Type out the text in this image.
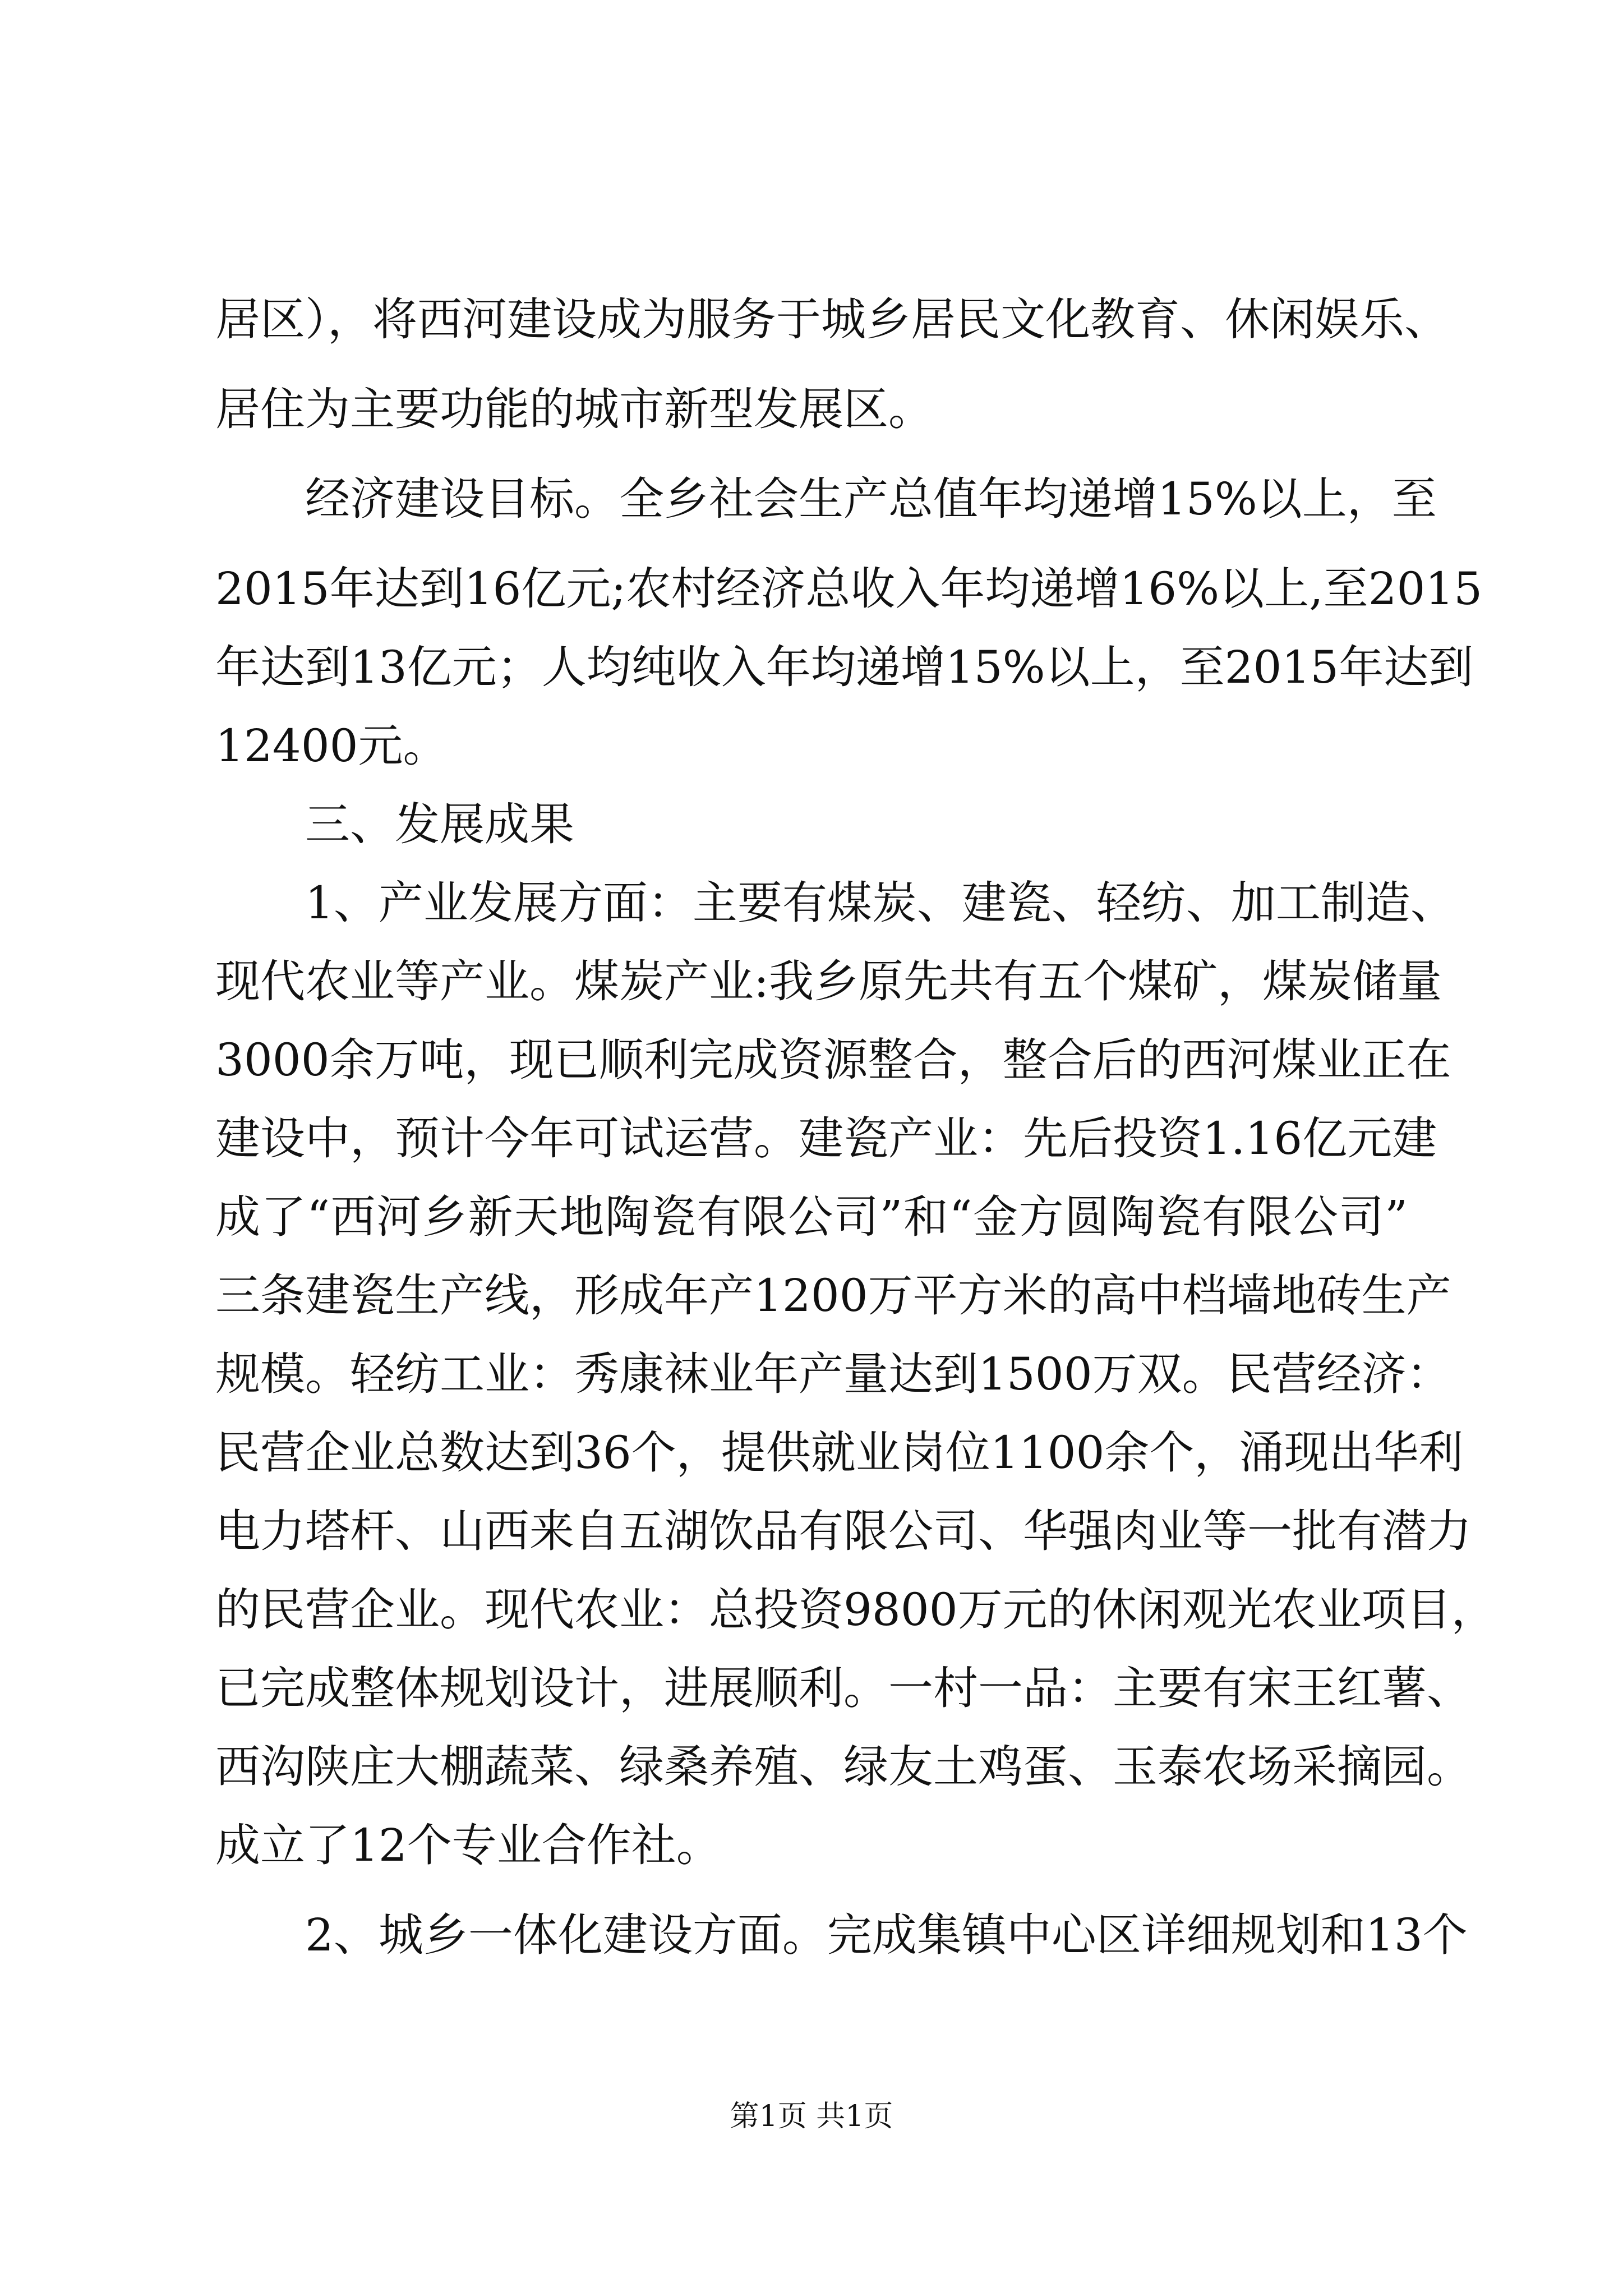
居区），将西河建设成为服务于城乡居民文化教育、休闲娱乐、
居住为主要功能的城市新型发展区。
经济建设目标。全乡社会生产总值年均递增15%以上，至
2015年达到16亿元;农村经济总收入年均递增16%以上,至2015
年达到13亿元；人均纯收入年均递增15%以上，至2015年达到
12400元。
三、发展成果
1、产业发展方面：主要有煤炭、建瓷、轻纺、加工制造、
现代农业等产业。煤炭产业:我乡原先共有五个煤矿，煤炭储量
3000余万吨，现已顺利完成资源整合，整合后的西河煤业正在
建设中，预计今年可试运营。建瓷产业：先后投资1.16亿元建
成了“西河乡新天地陶瓷有限公司”和“金方圆陶瓷有限公司”
三条建瓷生产线，形成年产1200万平方米的高中档墙地砖生产
规模。轻纺工业：秀康袜业年产量达到1500万双。民营经济：
民营企业总数达到36个，提供就业岗位1100余个，涌现出华利
电力塔杆、山西来自五湖饮品有限公司、华强肉业等一批有潜力
的民营企业。现代农业：总投资9800万元的休闲观光农业项目，
已完成整体规划设计，进展顺利。一村一品：主要有宋王红薯、
西沟陕庄大棚蔬菜、绿桑养殖、绿友土鸡蛋、玉泰农场采摘园。
成立了12个专业合作社。
2、城乡一体化建设方面。完成集镇中心区详细规划和13个
第1页 共1页
